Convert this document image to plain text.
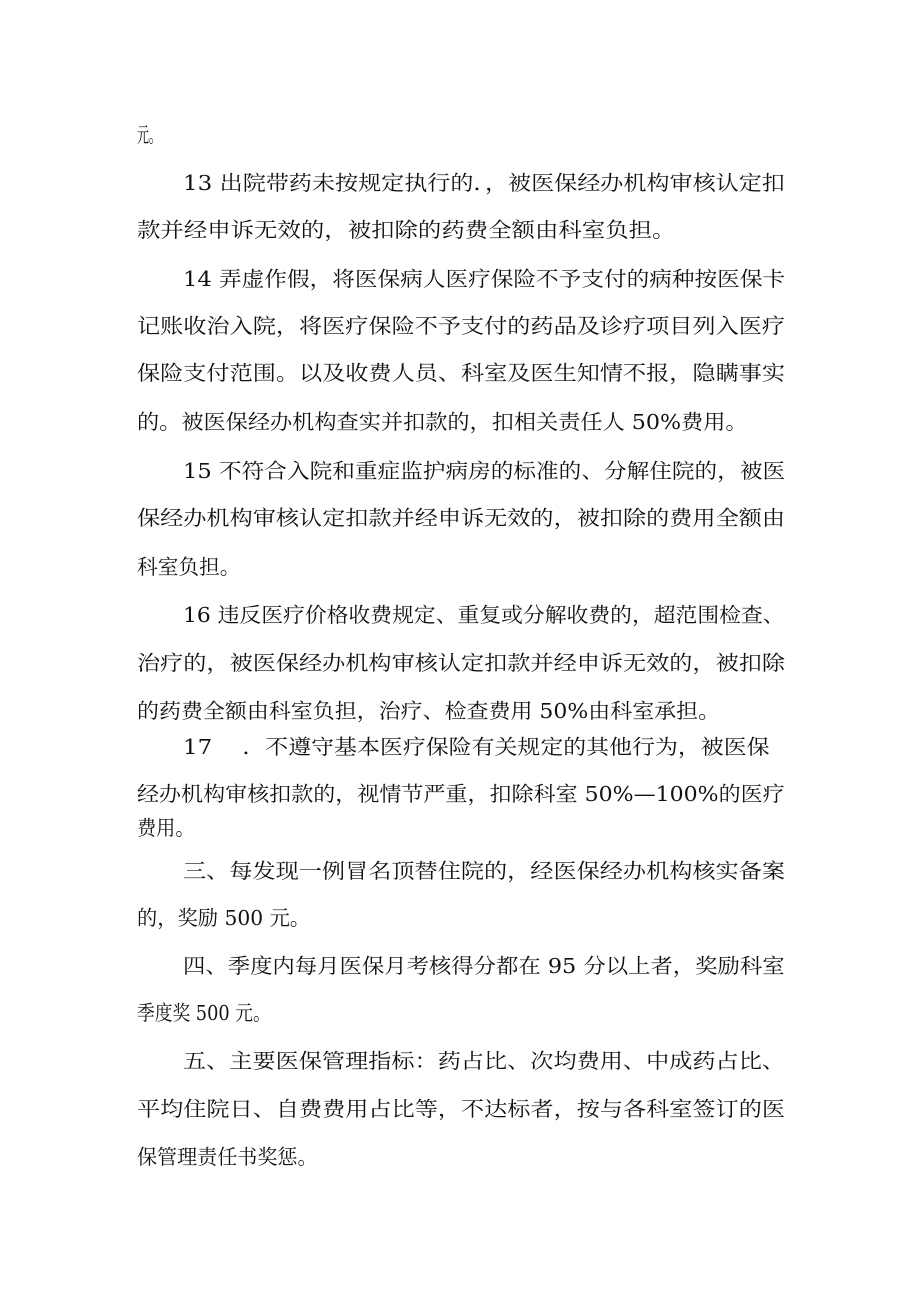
元。
13 出院带药未按规定执行的．，被医保经办机构审核认定扣
款并经申诉无效的，被扣除的药费全额由科室负担。
14 弄虚作假，将医保病人医疗保险不予支付的病种按医保卡
记账收治入院，将医疗保险不予支付的药品及诊疗项目列入医疗
保险支付范围。以及收费人员、科室及医生知情不报，隐瞒事实
的。被医保经办机构查实并扣款的，扣相关责任人 50%费用。
15 不符合入院和重症监护病房的标准的、分解住院的，被医
保经办机构审核认定扣款并经申诉无效的，被扣除的费用全额由
科室负担。
16 违反医疗价格收费规定、重复或分解收费的，超范围检查、
治疗的，被医保经办机构审核认定扣款并经申诉无效的，被扣除
的药费全额由科室负担，治疗、检查费用 50%由科室承担。
17　 ．不遵守基本医疗保险有关规定的其他行为，被医保
经办机构审核扣款的，视情节严重，扣除科室 50%—100%的医疗
费用。
三、每发现一例冒名顶替住院的，经医保经办机构核实备案
的，奖励 500 元。
四、季度内每月医保月考核得分都在 95 分以上者，奖励科室
季度奖 500 元。
五、主要医保管理指标：药占比、次均费用、中成药占比、
平均住院日、自费费用占比等，不达标者，按与各科室签订的医
保管理责任书奖惩。
